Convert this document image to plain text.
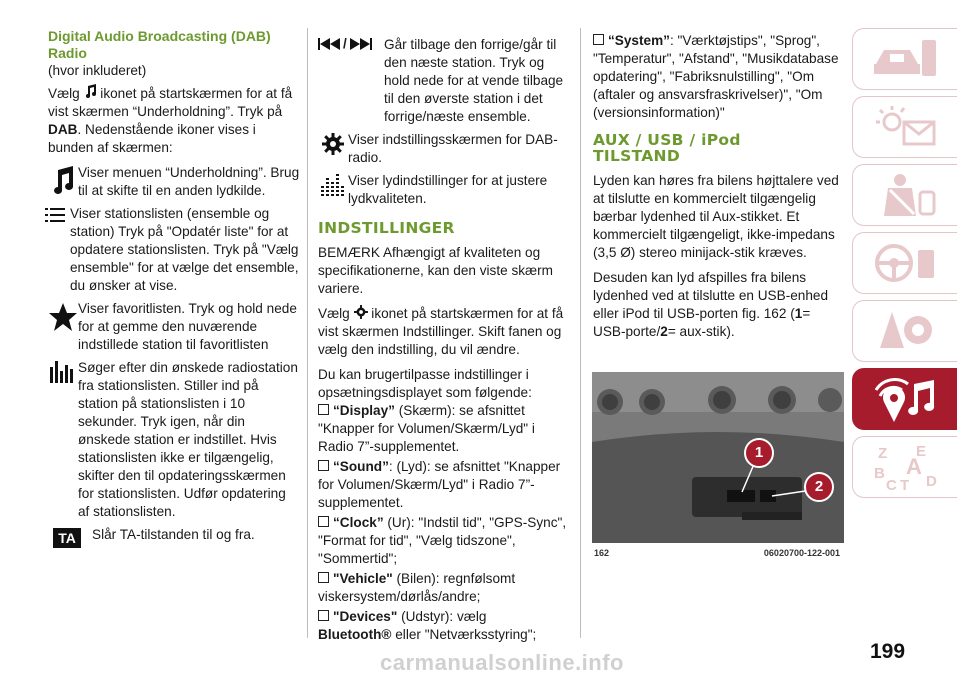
Digital Audio Broadcasting (DAB)
Radio

(hvor inkluderet)

Vælg ikonet på startskærmen for at få vist skærmen “Underholdning”. Tryk på DAB. Nedenstående ikoner vises i bunden af skærmen:

Viser menuen “Underholdning”. Brug til at skifte til en anden lydkilde.
Viser stationslisten (ensemble og station) Tryk på "Opdatér liste" for at opdatere stationslisten. Tryk på "Vælg ensemble" for at vælge det ensemble, du ønsker at vise.
Viser favoritlisten. Tryk og hold nede for at gemme den nuværende indstillede station til favoritlisten
Søger efter din ønskede radiostation fra stationslisten. Stiller ind på station på stationslisten i 10 sekunder. Tryk igen, når din ønskede station er indstillet. Hvis stationslisten ikke er tilgængelig, skifter den til opdateringsskærmen for stationslisten. Udfør opdatering af stationslisten.
TA	Slår TA-tilstanden til og fra.
/	Går tilbage den forrige/går til den næste station. Tryk og hold nede for at vende tilbage til den øverste station i det forrige/næste ensemble.
Viser indstillingsskærmen for DAB-radio.
Viser lydindstillinger for at justere lydkvaliteten.
INDSTILLINGER

BEMÆRK Afhængigt af kvaliteten og specifikationerne, kan den viste skærm variere.

Vælg ikonet på startskærmen for at få vist skærmen Indstillinger. Skift fanen og vælg den indstilling, du vil ændre.

Du kan brugertilpasse indstillinger i opsætningsdisplayet som følgende:

“Display” (Skærm): se afsnittet "Knapper for Volumen/Skærm/Lyd" i Radio 7”-supplementet.
“Sound”: (Lyd): se afsnittet "Knapper for Volumen/Skærm/Lyd" i Radio 7”-supplementet.
“Clock” (Ur): "Indstil tid", "GPS-Sync", "Format for tid", "Vælg tidszone", "Sommertid";
"Vehicle" (Bilen): regnfølsomt viskersystem/dørlås/andre;
"Devices" (Udstyr): vælg
Bluetooth® eller "Netværksstyring";
“System”: "Værktøjstips", "Sprog", "Temperatur", "Afstand", "Musikdatabase opdatering", "Fabriksnulstilling", "Om (aftaler og ansvarsfraskrivelser)", "Om (versionsinformation)"
AUX / USB / iPod
TILSTAND

Lyden kan høres fra bilens højttalere ved at tilslutte en kommercielt tilgængelig bærbar lydenhed til Aux-stikket. Et kommercielt tilgængeligt, ikke-impedans (3,5 Ø) stereo minijack-stik kræves.

Desuden kan lyd afspilles fra bilens lydenhed ved at tilslutte en USB-enhed eller iPod til USB-porten fig. 162 (1= USB-porte/2= aux-stik).

1
2
162	06020700-122-001
Z E
B A
C T D
199
carmanualsonline.info
